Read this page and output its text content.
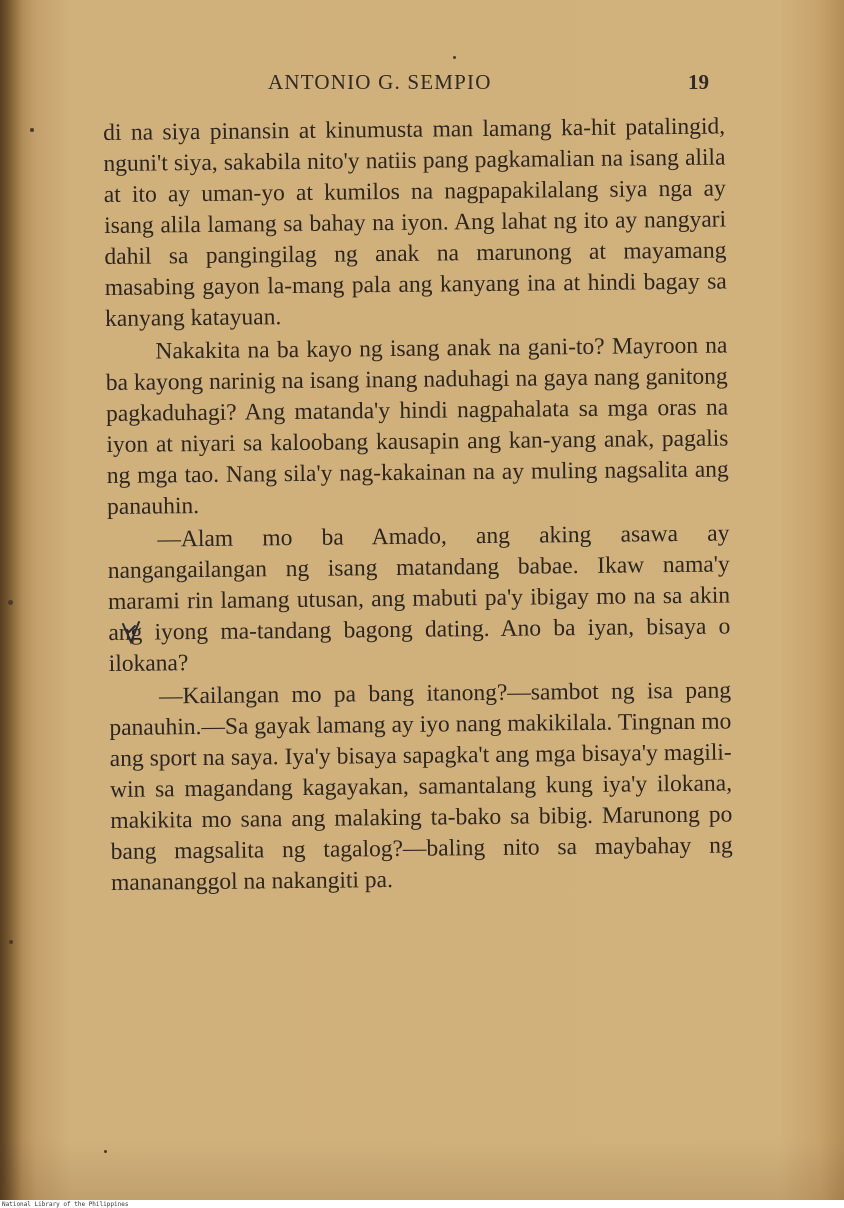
ANTONIO G. SEMPIO	19

di na siya pinansin at kinumusta man lamang ka-hit patalingid, nguni't siya, sakabila nito'y natiis pang pagkamalian na isang alila at ito ay uman-yo at kumilos na nagpapakilalang siya nga ay isang alila lamang sa bahay na iyon. Ang lahat ng ito ay nangyari dahil sa pangingilag ng anak na marunong at mayamang masabing gayon la-mang pala ang kanyang ina at hindi bagay sa kanyang katayuan.

Nakakita na ba kayo ng isang anak na gani-to? Mayroon na ba kayong narinig na isang inang naduhagi na gaya nang ganitong pagkaduhagi? Ang matanda'y hindi nagpahalata sa mga oras na iyon at niyari sa kaloobang kausapin ang kan-yang anak, pagalis ng mga tao. Nang sila'y nag-kakainan na ay muling nagsalita ang panauhin.

—Alam mo ba Amado, ang aking asawa ay nangangailangan ng isang matandang babae. Ikaw nama'y marami rin lamang utusan, ang mabuti pa'y ibigay mo na sa akin ang iyong ma-tandang bagong dating. Ano ba iyan, bisaya o ilokana?

—Kailangan mo pa bang itanong?—sambot ng isa pang panauhin.—Sa gayak lamang ay iyo nang makikilala. Tingnan mo ang sport na saya. Iya'y bisaya sapagka't ang mga bisaya'y magili-win sa magandang kagayakan, samantalang kung iya'y ilokana, makikita mo sana ang malaking ta-bako sa bibig. Marunong po bang magsalita ng tagalog?—baling nito sa maybahay ng manananggol na nakangiti pa.

National Library of the Philippines
